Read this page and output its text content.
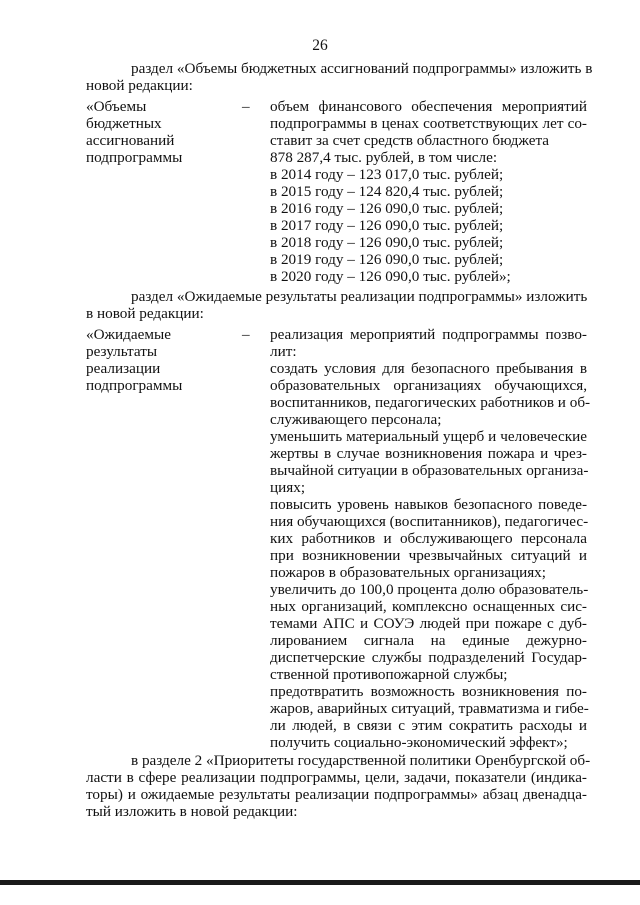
26
раздел «Объемы бюджетных ассигнований подпрограммы» изложить в
новой редакции:
«Объемы
бюджетных
ассигнований
подпрограммы
– объем финансового обеспечения мероприятий
подпрограммы в ценах соответствующих лет со-
ставит за счет средств областного бюджета
878 287,4 тыс. рублей, в том числе:
в 2014 году – 123 017,0 тыс. рублей;
в 2015 году – 124 820,4 тыс. рублей;
в 2016 году – 126 090,0 тыс. рублей;
в 2017 году – 126 090,0 тыс. рублей;
в 2018 году – 126 090,0 тыс. рублей;
в 2019 году – 126 090,0 тыс. рублей;
в 2020 году – 126 090,0 тыс. рублей»;
раздел «Ожидаемые результаты реализации подпрограммы» изложить
в новой редакции:
«Ожидаемые
результаты
реализации
подпрограммы
– реализация мероприятий подпрограммы позво-
лит:
создать условия для безопасного пребывания в
образовательных организациях обучающихся,
воспитанников, педагогических работников и об-
служивающего персонала;
уменьшить материальный ущерб и человеческие
жертвы в случае возникновения пожара и чрез-
вычайной ситуации в образовательных организа-
циях;
повысить уровень навыков безопасного поведе-
ния обучающихся (воспитанников), педагогичес-
ких работников и обслуживающего персонала
при возникновении чрезвычайных ситуаций и
пожаров в образовательных организациях;
увеличить до 100,0 процента долю образователь-
ных организаций, комплексно оснащенных сис-
темами АПС и СОУЭ людей при пожаре с дуб-
лированием сигнала на единые дежурно-
диспетчерские службы подразделений Государ-
ственной противопожарной службы;
предотвратить возможность возникновения по-
жаров, аварийных ситуаций, травматизма и гибе-
ли людей, в связи с этим сократить расходы и
получить социально-экономический эффект»;
в разделе 2 «Приоритеты государственной политики Оренбургской об-
ласти в сфере реализации подпрограммы, цели, задачи, показатели (индика-
торы) и ожидаемые результаты реализации подпрограммы» абзац двенадца-
тый изложить в новой редакции:
